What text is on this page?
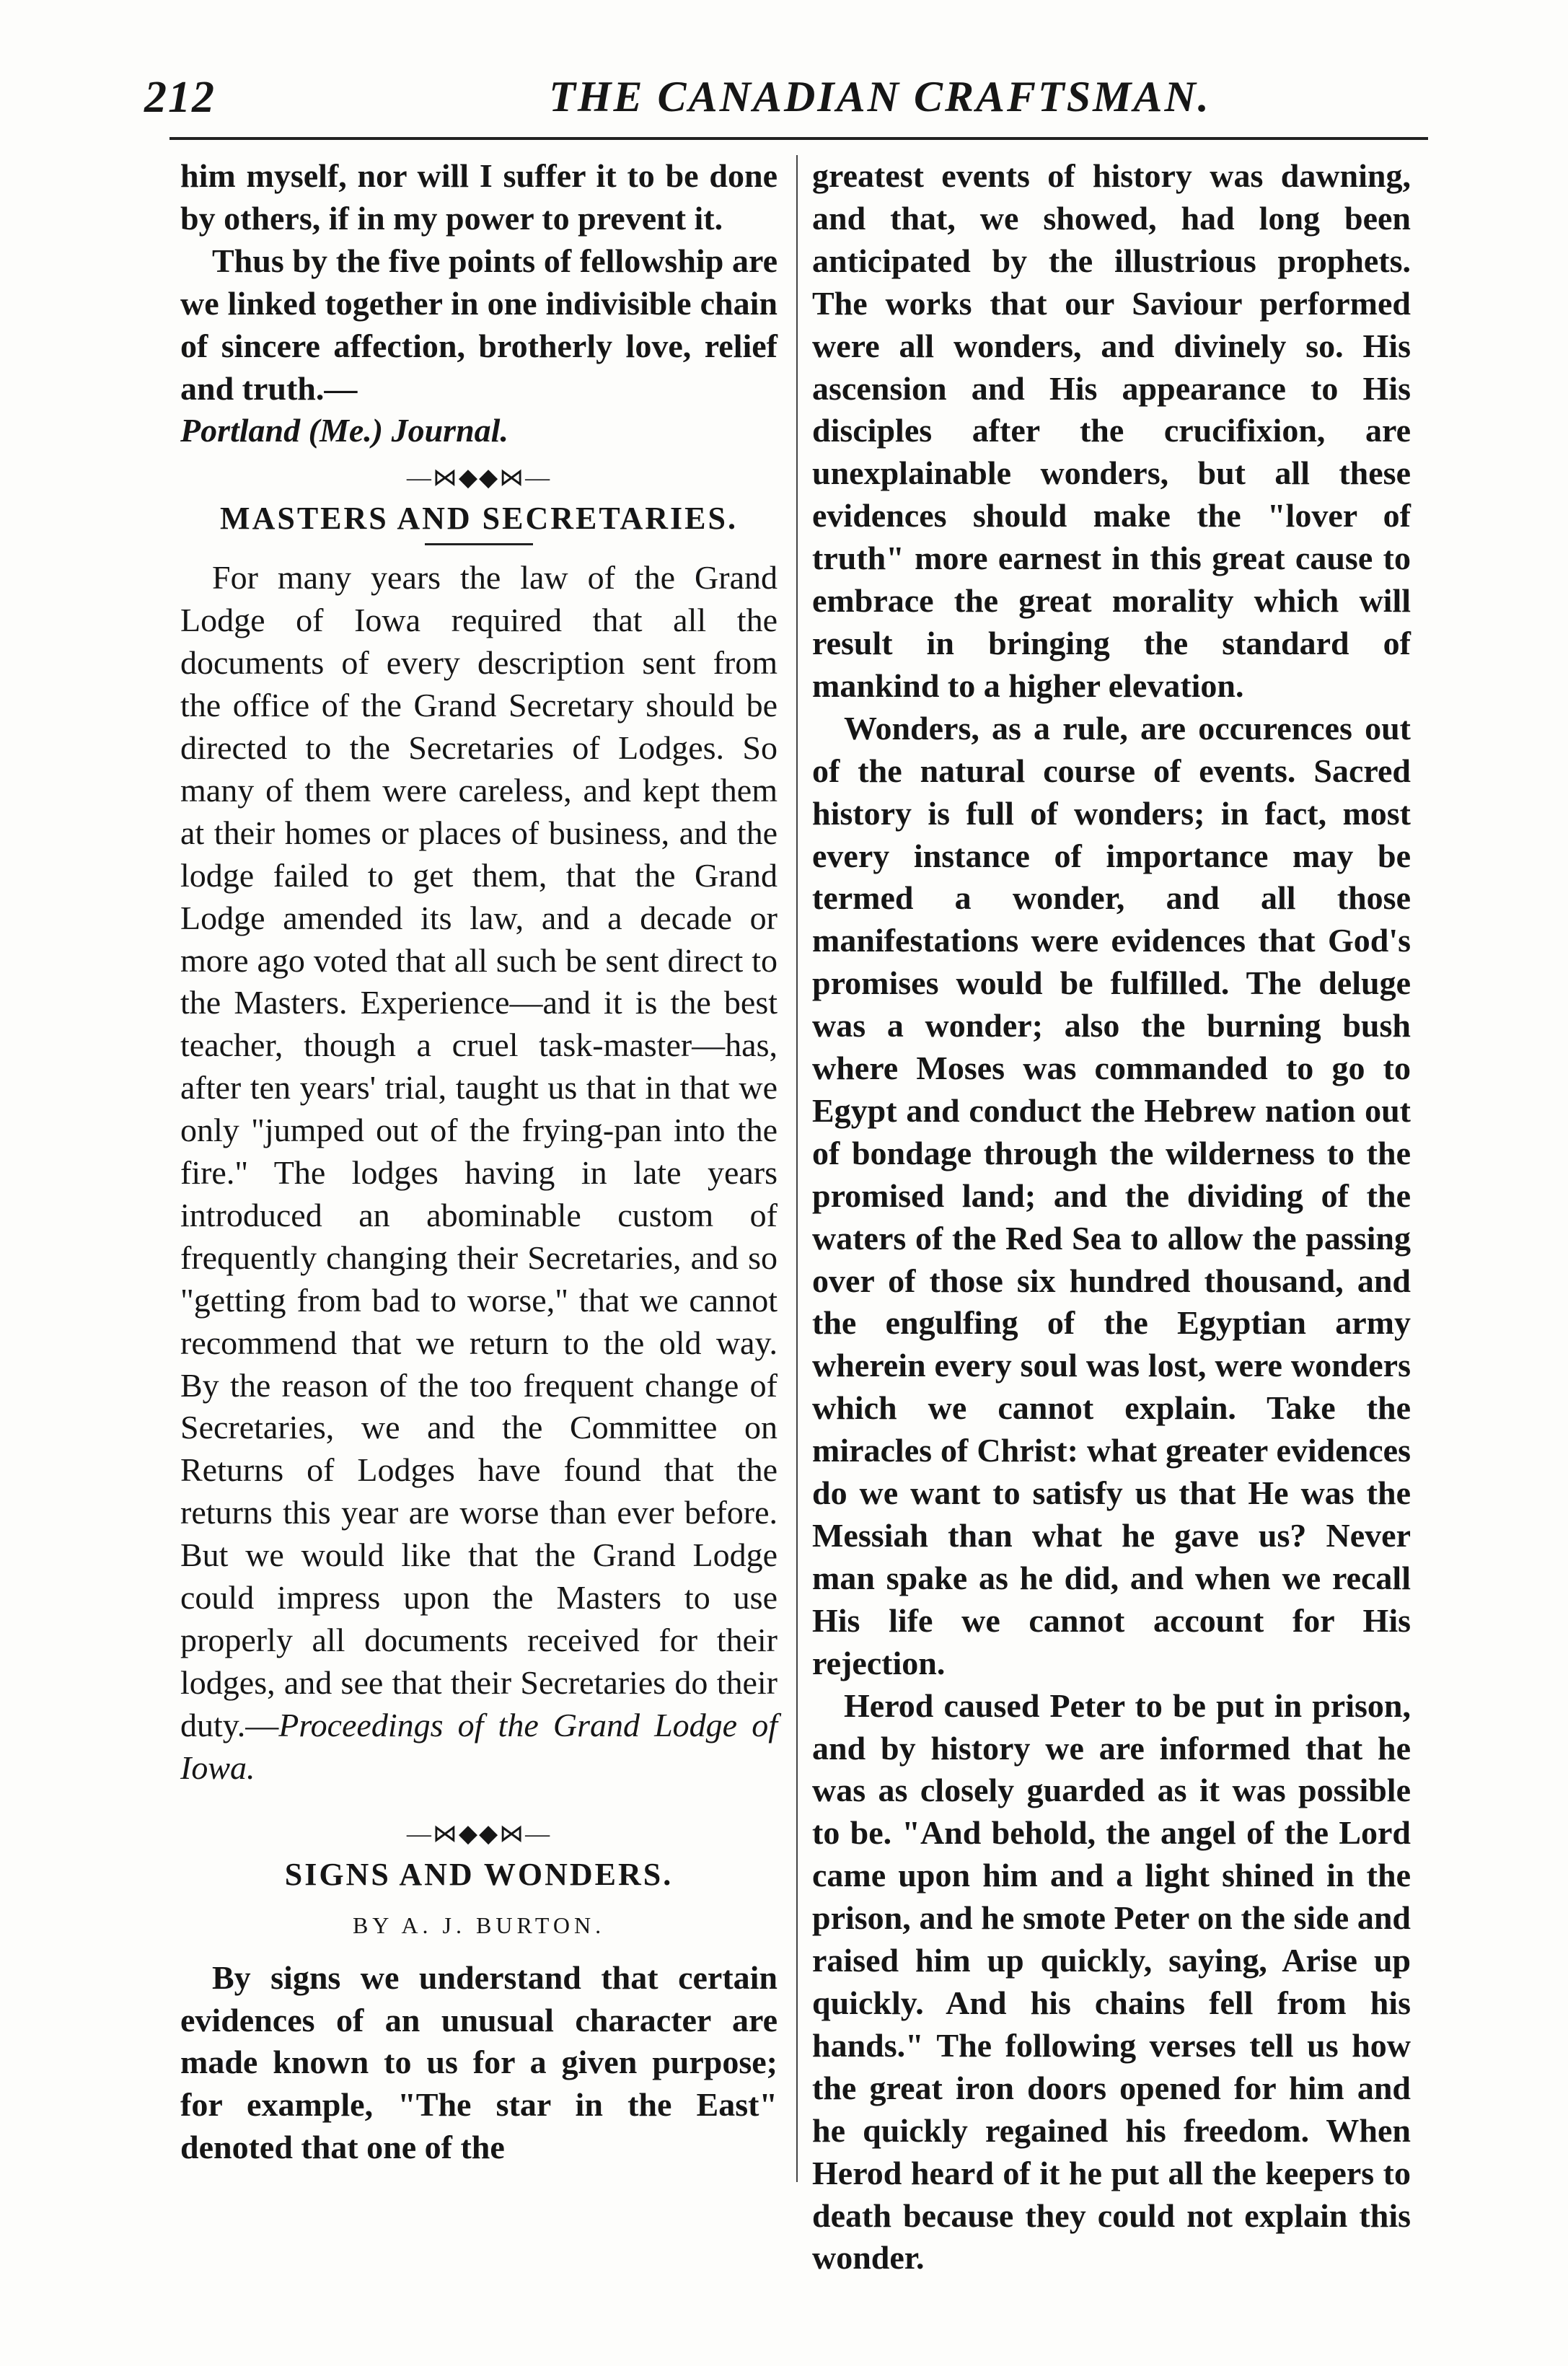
212	THE CANADIAN CRAFTSMAN.

him myself, nor will I suffer it to be done by others, if in my power to prevent it.

Thus by the five points of fellowship are we linked together in one indivisible chain of sincere affection, brotherly love, relief and truth.—
Portland (Me.) Journal.

—⋈◆◆⋈—
MASTERS AND SECRETARIES.

For many years the law of the Grand Lodge of Iowa required that all the documents of every description sent from the office of the Grand Secretary should be directed to the Secretaries of Lodges. So many of them were careless, and kept them at their homes or places of business, and the lodge failed to get them, that the Grand Lodge amended its law, and a decade or more ago voted that all such be sent direct to the Masters. Experience—and it is the best teacher, though a cruel task-master—has, after ten years' trial, taught us that in that we only "jumped out of the frying-pan into the fire." The lodges having in late years introduced an abominable custom of frequently changing their Secretaries, and so "getting from bad to worse," that we cannot recommend that we return to the old way. By the reason of the too frequent change of Secretaries, we and the Committee on Returns of Lodges have found that the returns this year are worse than ever before. But we would like that the Grand Lodge could impress upon the Masters to use properly all documents received for their lodges, and see that their Secretaries do their duty.—Proceedings of the Grand Lodge of Iowa.

—⋈◆◆⋈—
SIGNS AND WONDERS.
BY A. J. BURTON.

By signs we understand that certain evidences of an unusual character are made known to us for a given purpose; for example, "The star in the East" denoted that one of the

greatest events of history was dawning, and that, we showed, had long been anticipated by the illustrious prophets. The works that our Saviour performed were all wonders, and divinely so. His ascension and His appearance to His disciples after the crucifixion, are unexplainable wonders, but all these evidences should make the "lover of truth" more earnest in this great cause to embrace the great morality which will result in bringing the standard of mankind to a higher elevation.

Wonders, as a rule, are occurences out of the natural course of events. Sacred history is full of wonders; in fact, most every instance of importance may be termed a wonder, and all those manifestations were evidences that God's promises would be fulfilled. The deluge was a wonder; also the burning bush where Moses was commanded to go to Egypt and conduct the Hebrew nation out of bondage through the wilderness to the promised land; and the dividing of the waters of the Red Sea to allow the passing over of those six hundred thousand, and the engulfing of the Egyptian army wherein every soul was lost, were wonders which we cannot explain. Take the miracles of Christ: what greater evidences do we want to satisfy us that He was the Messiah than what he gave us? Never man spake as he did, and when we recall His life we cannot account for His rejection.

Herod caused Peter to be put in prison, and by history we are informed that he was as closely guarded as it was possible to be. "And behold, the angel of the Lord came upon him and a light shined in the prison, and he smote Peter on the side and raised him up quickly, saying, Arise up quickly. And his chains fell from his hands." The following verses tell us how the great iron doors opened for him and he quickly regained his freedom. When Herod heard of it he put all the keepers to death because they could not explain this wonder.
